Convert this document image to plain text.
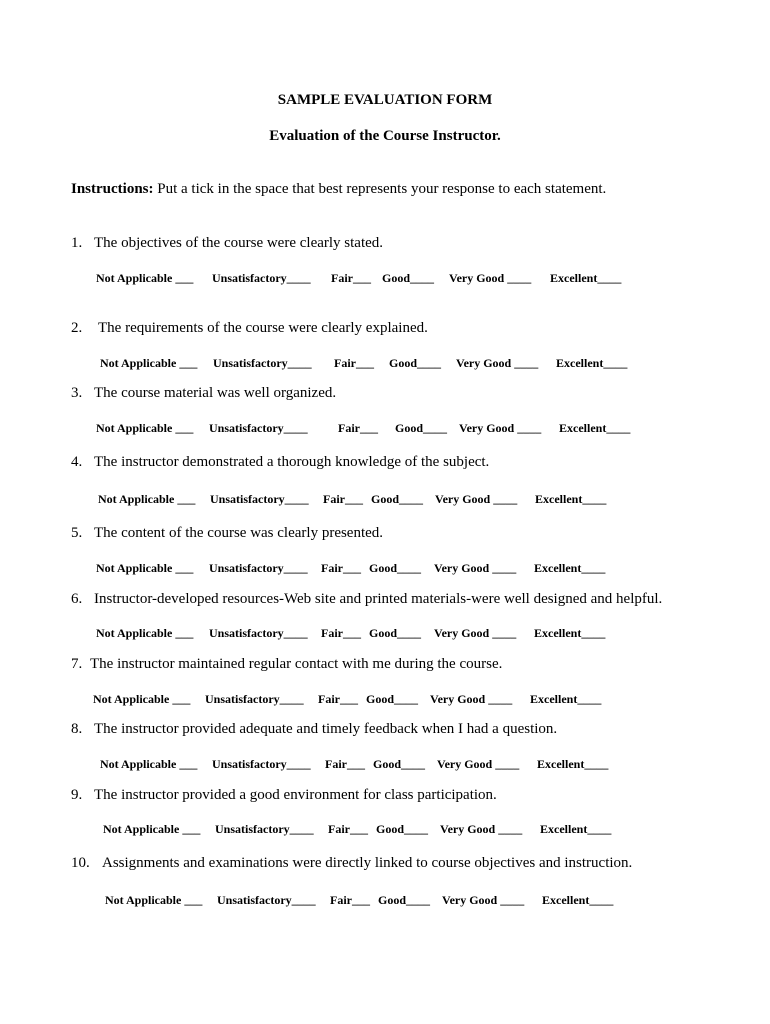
SAMPLE EVALUATION FORM
Evaluation of the Course Instructor.
Instructions: Put a tick in the space that best represents your response to each statement.
1. The objectives of the course were clearly stated.
Not Applicable ___ Unsatisfactory____ Fair___ Good____ Very Good ____ Excellent____
2. The requirements of the course were clearly explained.
Not Applicable ___ Unsatisfactory____ Fair___ Good____ Very Good ____ Excellent____
3. The course material was well organized.
Not Applicable ___ Unsatisfactory____	Fair___ Good____ Very Good ____ Excellent____
4. The instructor demonstrated a thorough knowledge of the subject.
Not Applicable ___ Unsatisfactory____ Fair___ Good____ Very Good ____ Excellent____
5. The content of the course was clearly presented.
Not Applicable ___ Unsatisfactory____ Fair___ Good____ Very Good ____ Excellent____
6. Instructor-developed resources-Web site and printed materials-were well designed and helpful.
Not Applicable ___ Unsatisfactory____ Fair___ Good____ Very Good ____ Excellent____
7. The instructor maintained regular contact with me during the course.
Not Applicable ___ Unsatisfactory____ Fair___ Good____ Very Good ____ Excellent____
8. The instructor provided adequate and timely feedback when I had a question.
Not Applicable ___ Unsatisfactory____ Fair___ Good____ Very Good ____ Excellent____
9. The instructor provided a good environment for class participation.
Not Applicable ___ Unsatisfactory____ Fair___ Good____ Very Good ____ Excellent____
10. Assignments and examinations were directly linked to course objectives and instruction.
Not Applicable ___ Unsatisfactory____ Fair___ Good____ Very Good ____ Excellent____
